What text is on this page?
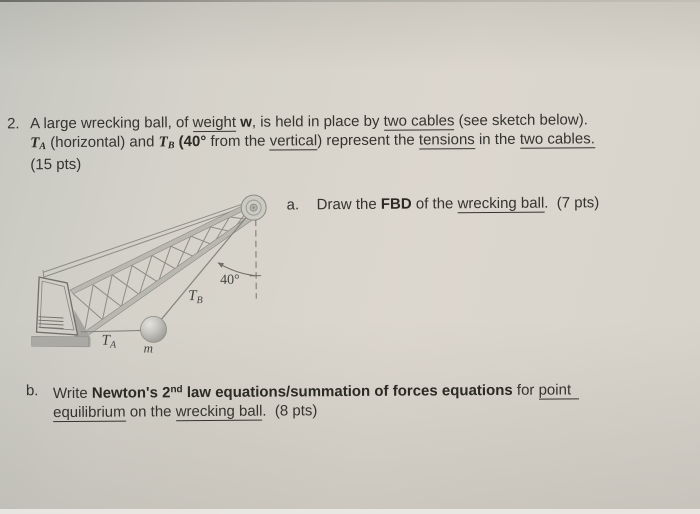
2. A large wrecking ball, of weight w, is held in place by two cables (see sketch below).
TA (horizontal) and TB (40° from the vertical) represent the tensions in the two cables.
(15 pts)
40°
$T_B$
$T_A$ m
a.	Draw the FBD of the wrecking ball.  (7 pts)
b. Write Newton's 2nd law equations/summation of forces equations for point
equilibrium on the wrecking ball.  (8 pts)
